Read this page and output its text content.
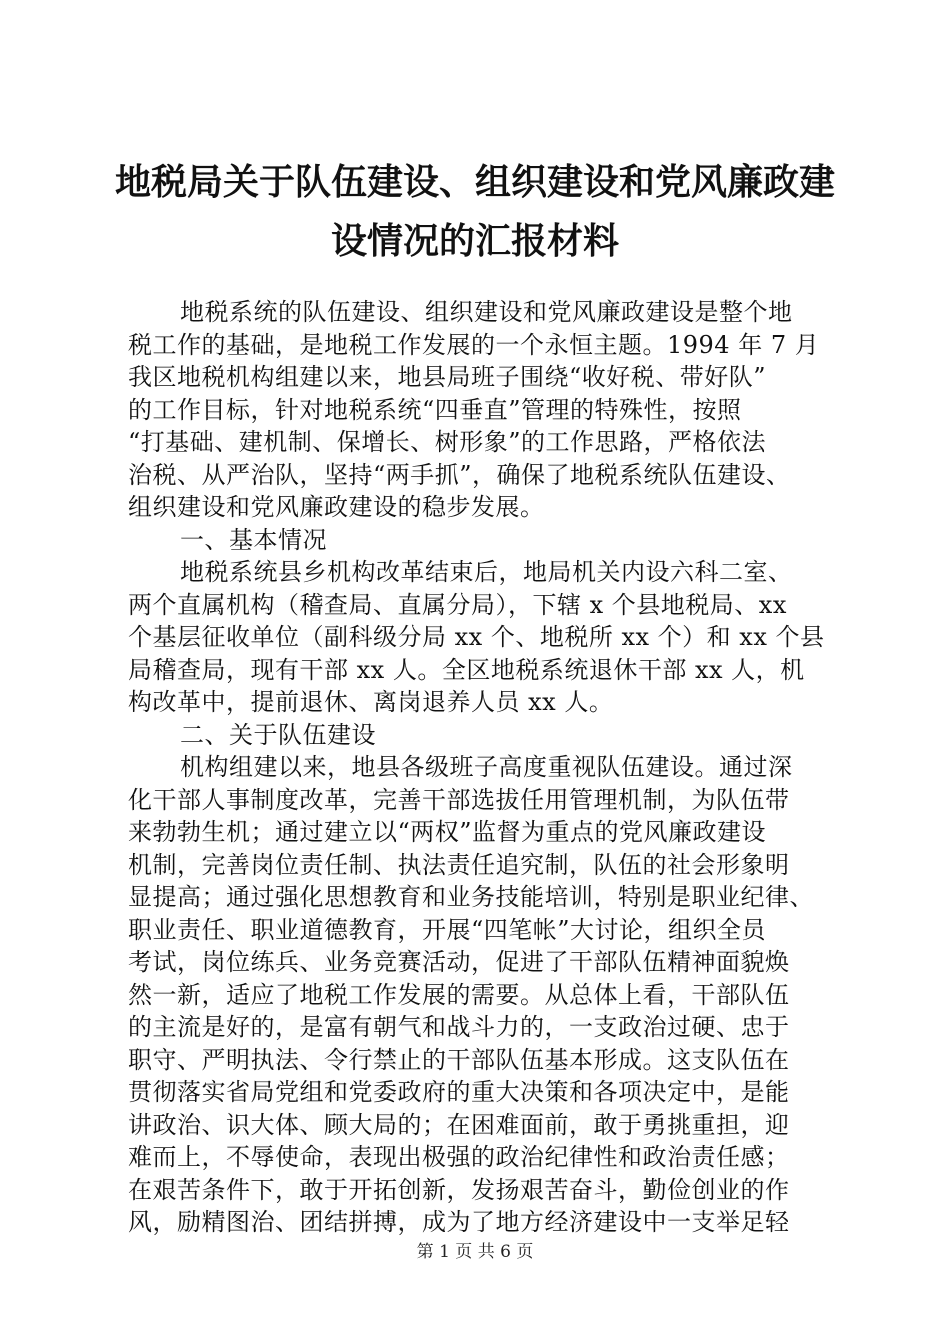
地税局关于队伍建设、组织建设和党风廉政建
设情况的汇报材料
地税系统的队伍建设、组织建设和党风廉政建设是整个地
税工作的基础，是地税工作发展的一个永恒主题。1994 年 7 月
我区地税机构组建以来，地县局班子围绕“收好税、带好队”
的工作目标，针对地税系统“四垂直”管理的特殊性，按照
“打基础、建机制、保增长、树形象”的工作思路，严格依法
治税、从严治队，坚持“两手抓”，确保了地税系统队伍建设、
组织建设和党风廉政建设的稳步发展。
一、基本情况
地税系统县乡机构改革结束后，地局机关内设六科二室、
两个直属机构（稽查局、直属分局），下辖 x 个县地税局、xx
个基层征收单位（副科级分局 xx 个、地税所 xx 个）和 xx 个县
局稽查局，现有干部 xx 人。全区地税系统退休干部 xx 人，机
构改革中，提前退休、离岗退养人员 xx 人。
二、关于队伍建设
机构组建以来，地县各级班子高度重视队伍建设。通过深
化干部人事制度改革，完善干部选拔任用管理机制，为队伍带
来勃勃生机；通过建立以“两权”监督为重点的党风廉政建设
机制，完善岗位责任制、执法责任追究制，队伍的社会形象明
显提高；通过强化思想教育和业务技能培训，特别是职业纪律、
职业责任、职业道德教育，开展“四笔帐”大讨论，组织全员
考试，岗位练兵、业务竞赛活动，促进了干部队伍精神面貌焕
然一新，适应了地税工作发展的需要。从总体上看，干部队伍
的主流是好的，是富有朝气和战斗力的，一支政治过硬、忠于
职守、严明执法、令行禁止的干部队伍基本形成。这支队伍在
贯彻落实省局党组和党委政府的重大决策和各项决定中，是能
讲政治、识大体、顾大局的；在困难面前，敢于勇挑重担，迎
难而上，不辱使命，表现出极强的政治纪律性和政治责任感；
在艰苦条件下，敢于开拓创新，发扬艰苦奋斗，勤俭创业的作
风，励精图治、团结拼搏，成为了地方经济建设中一支举足轻
第 1 页 共 6 页
